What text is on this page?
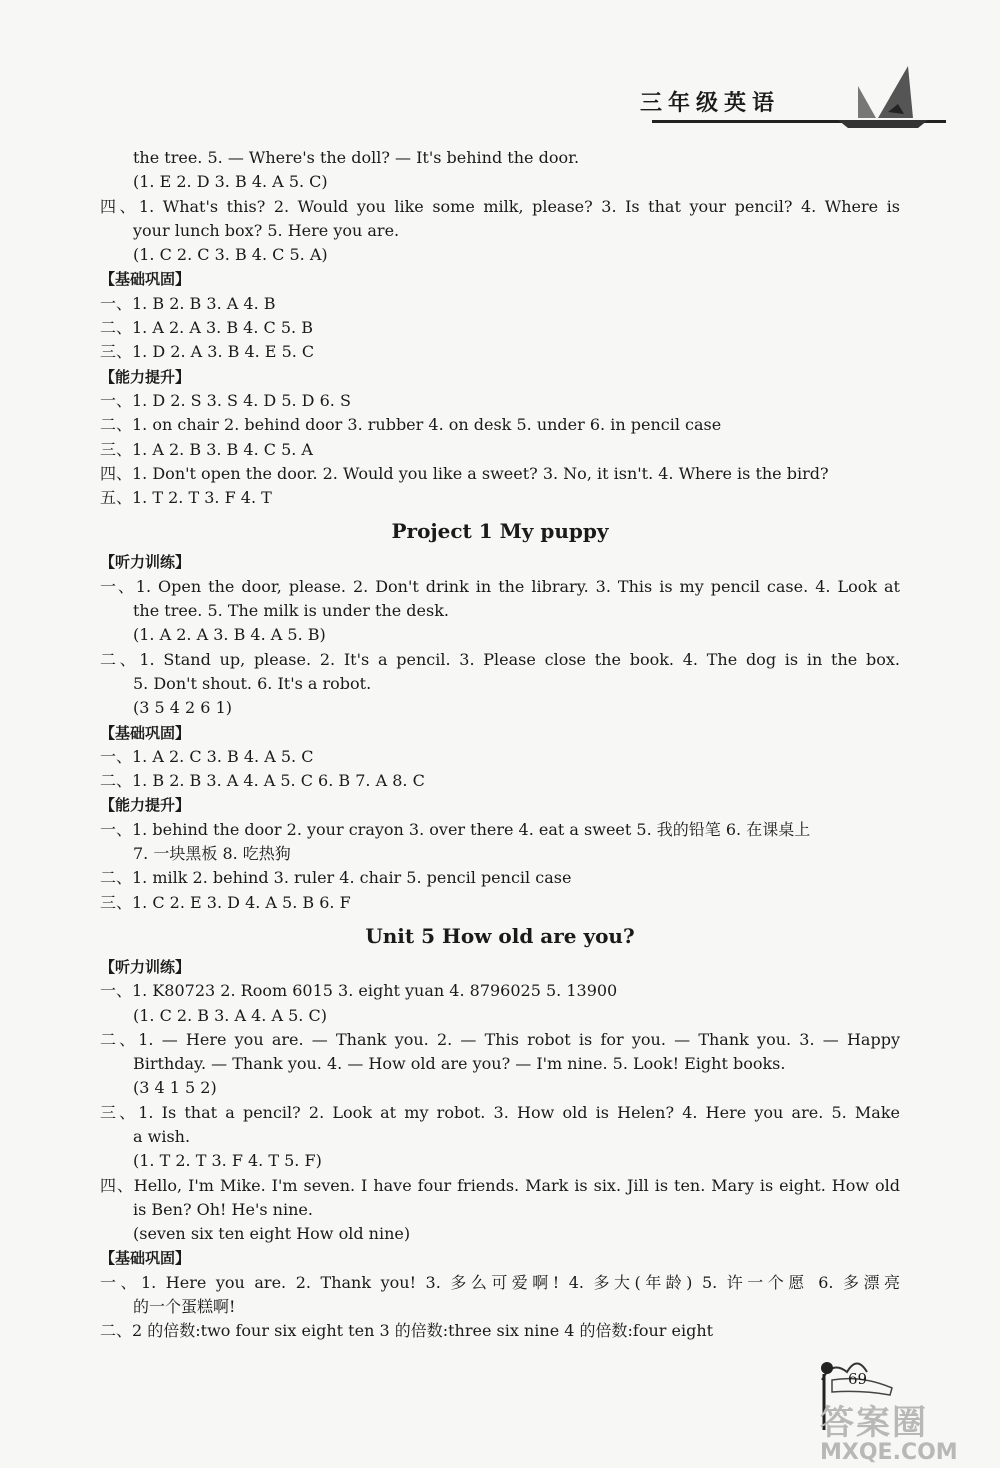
三年级英语
the tree. 5. — Where's the doll? — It's behind the door.
(1. E 2. D 3. B 4. A 5. C)
四、1. What's this? 2. Would you like some milk, please? 3. Is that your pencil? 4. Where is
your lunch box? 5. Here you are.
(1. C 2. C 3. B 4. C 5. A)
【基础巩固】
一、1. B 2. B 3. A 4. B
二、1. A 2. A 3. B 4. C 5. B
三、1. D 2. A 3. B 4. E 5. C
【能力提升】
一、1. D 2. S 3. S 4. D 5. D 6. S
二、1. on chair 2. behind door 3. rubber 4. on desk 5. under 6. in pencil case
三、1. A 2. B 3. B 4. C 5. A
四、1. Don't open the door. 2. Would you like a sweet? 3. No, it isn't. 4. Where is the bird?
五、1. T 2. T 3. F 4. T
Project 1 My puppy
【听力训练】
一、1. Open the door, please. 2. Don't drink in the library. 3. This is my pencil case. 4. Look at
the tree. 5. The milk is under the desk.
(1. A 2. A 3. B 4. A 5. B)
二、1. Stand up, please. 2. It's a pencil. 3. Please close the book. 4. The dog is in the box.
5. Don't shout. 6. It's a robot.
(3 5 4 2 6 1)
【基础巩固】
一、1. A 2. C 3. B 4. A 5. C
二、1. B 2. B 3. A 4. A 5. C 6. B 7. A 8. C
【能力提升】
一、1. behind the door 2. your crayon 3. over there 4. eat a sweet 5. 我的铅笔 6. 在课桌上
7. 一块黑板 8. 吃热狗
二、1. milk 2. behind 3. ruler 4. chair 5. pencil pencil case
三、1. C 2. E 3. D 4. A 5. B 6. F
Unit 5 How old are you?
【听力训练】
一、1. K80723 2. Room 6015 3. eight yuan 4. 8796025 5. 13900
(1. C 2. B 3. A 4. A 5. C)
二、1. — Here you are. — Thank you. 2. — This robot is for you. — Thank you. 3. — Happy
Birthday. — Thank you. 4. — How old are you? — I'm nine. 5. Look! Eight books.
(3 4 1 5 2)
三、1. Is that a pencil? 2. Look at my robot. 3. How old is Helen? 4. Here you are. 5. Make
a wish.
(1. T 2. T 3. F 4. T 5. F)
四、Hello, I'm Mike. I'm seven. I have four friends. Mark is six. Jill is ten. Mary is eight. How old
is Ben? Oh! He's nine.
(seven six ten eight How old nine)
【基础巩固】
一、1. Here you are. 2. Thank you! 3. 多么可爱啊! 4. 多大(年龄) 5. 许一个愿 6. 多漂亮
的一个蛋糕啊!
二、2 的倍数:two four six eight ten 3 的倍数:three six nine 4 的倍数:four eight
69
答案圈
MXQE.COM
